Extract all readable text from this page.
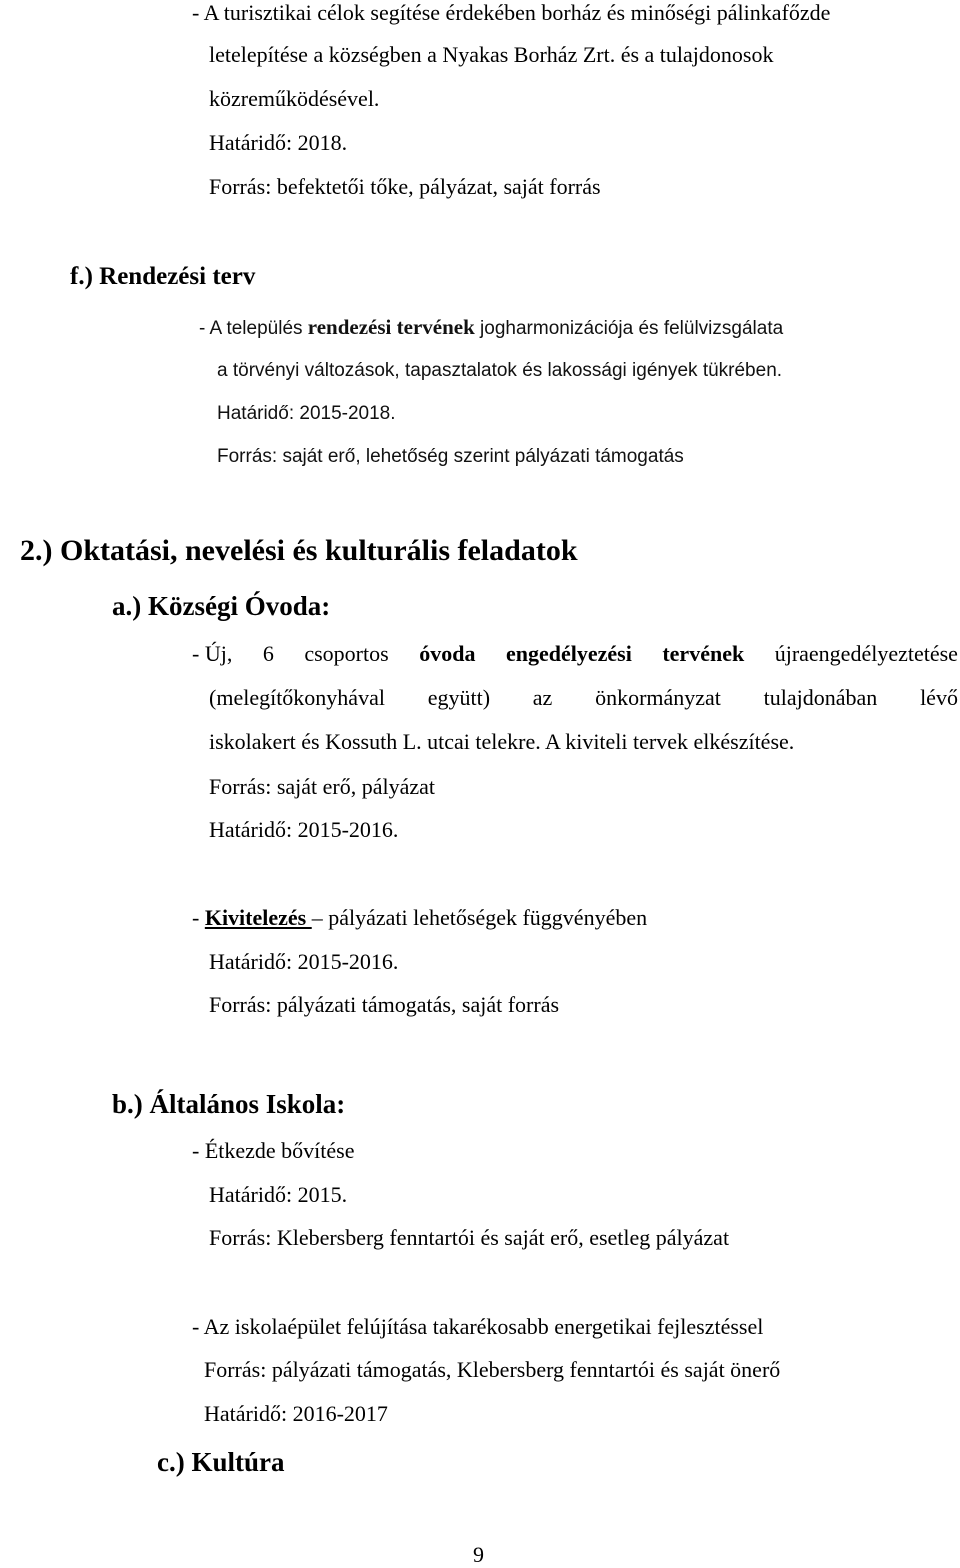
- A turisztikai célok segítése érdekében borház és minőségi pálinkafőzde
letelepítése a községben a Nyakas Borház Zrt. és a tulajdonosok
közreműködésével.
Határidő: 2018.
Forrás: befektetői tőke, pályázat, saját forrás
f.) Rendezési terv
- A település rendezési tervének jogharmonizációja és felülvizsgálata
a törvényi változások, tapasztalatok és lakossági igények tükrében.
Határidő: 2015-2018.
Forrás: saját erő, lehetőség szerint pályázati támogatás
2.) Oktatási, nevelési és kulturális feladatok
a.) Községi Óvoda:
- Új, 6 csoportos óvoda engedélyezési tervének újraengedélyeztetése
(melegítőkonyhával együtt) az önkormányzat tulajdonában lévő
iskolakert és Kossuth L. utcai telekre. A kiviteli tervek elkészítése.
Forrás: saját erő, pályázat
Határidő: 2015-2016.
- Kivitelezés – pályázati lehetőségek függvényében
Határidő: 2015-2016.
Forrás: pályázati támogatás, saját forrás
b.) Általános Iskola:
- Étkezde bővítése
Határidő: 2015.
Forrás: Klebersberg fenntartói és saját erő, esetleg pályázat
- Az iskolaépület felújítása takarékosabb energetikai fejlesztéssel
Forrás: pályázati támogatás, Klebersberg fenntartói és saját önerő
Határidő: 2016-2017
c.) Kultúra
9
